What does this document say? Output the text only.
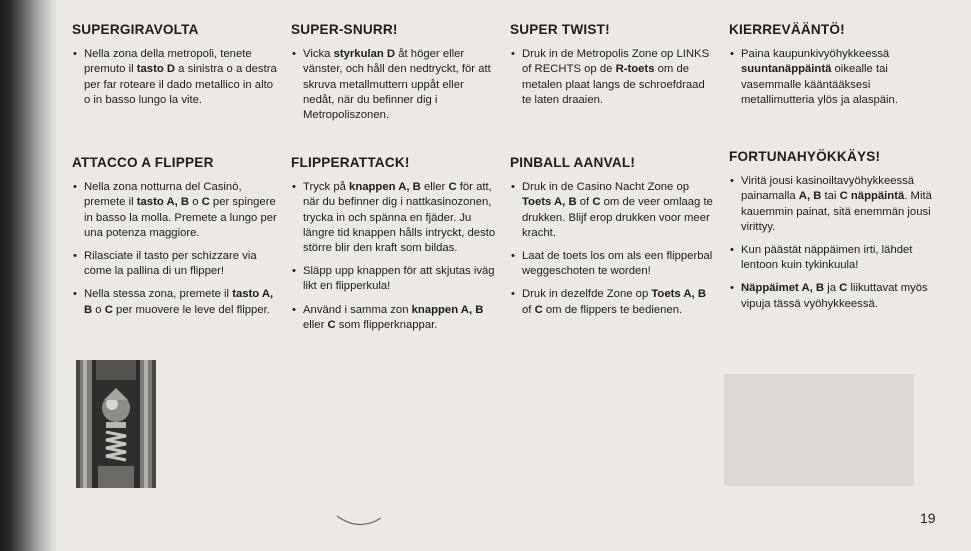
SUPERGIRAVOLTA
• Nella zona della metropoli, tenete premuto il tasto D a sinistra o a destra per far roteare il dado metallico in alto o in basso lungo la vite.
ATTACCO A FLIPPER
• Nella zona notturna del Casinò, premete il tasto A, B o C per spingere in basso la molla. Premete a lungo per una potenza maggiore.
• Rilasciate il tasto per schizzare via come la pallina di un flipper!
• Nella stessa zona, premete il tasto A, B o C per muovere le leve del flipper.
SUPER-SNURR!
• Vicka styrkulan D åt höger eller vänster, och håll den nedtryckt, för att skruva metallmuttern uppåt eller nedåt, när du befinner dig i Metropoliszonen.
FLIPPERATTACK!
• Tryck på knappen A, B eller C för att, när du befinner dig i nattkasinozonen, trycka in och spänna en fjäder. Ju längre tid knappen hålls intryckt, desto större blir den kraft som bildas.
• Släpp upp knappen för att skjutas iväg likt en flipperkula!
• Använd i samma zon knappen A, B eller C som flipperknappar.
SUPER TWIST!
• Druk in de Metropolis Zone op LINKS of RECHTS op de R-toets om de metalen plaat langs de schroefdraad te laten draaien.
PINBALL AANVAL!
• Druk in de Casino Nacht Zone op Toets A, B of C om de veer omlaag te drukken. Blijf erop drukken voor meer kracht.
• Laat de toets los om als een flipperbal weggeschoten te worden!
• Druk in dezelfde Zone op Toets A, B of C om de flippers te bedienen.
KIERREVÄÄNTÖ!
• Paina kaupunkivyöhykkeessä suuntanäppäintä oikealle tai vasemmalle kääntääksesi metallimutteria ylös ja alaspäin.
FORTUNAHYÖKKÄYS!
• Viritä jousi kasinoiltavyöhykkeessä painamalla A, B tai C näppäintä. Mitä kauemmin painat, sitä enemmän jousi virittyy.
• Kun päästät näppäimen irti, lähdet lentoon kuin tykinkuula!
• Näppäimet A, B ja C liikuttavat myös vipuja tässä vyöhykkeessä.
19
